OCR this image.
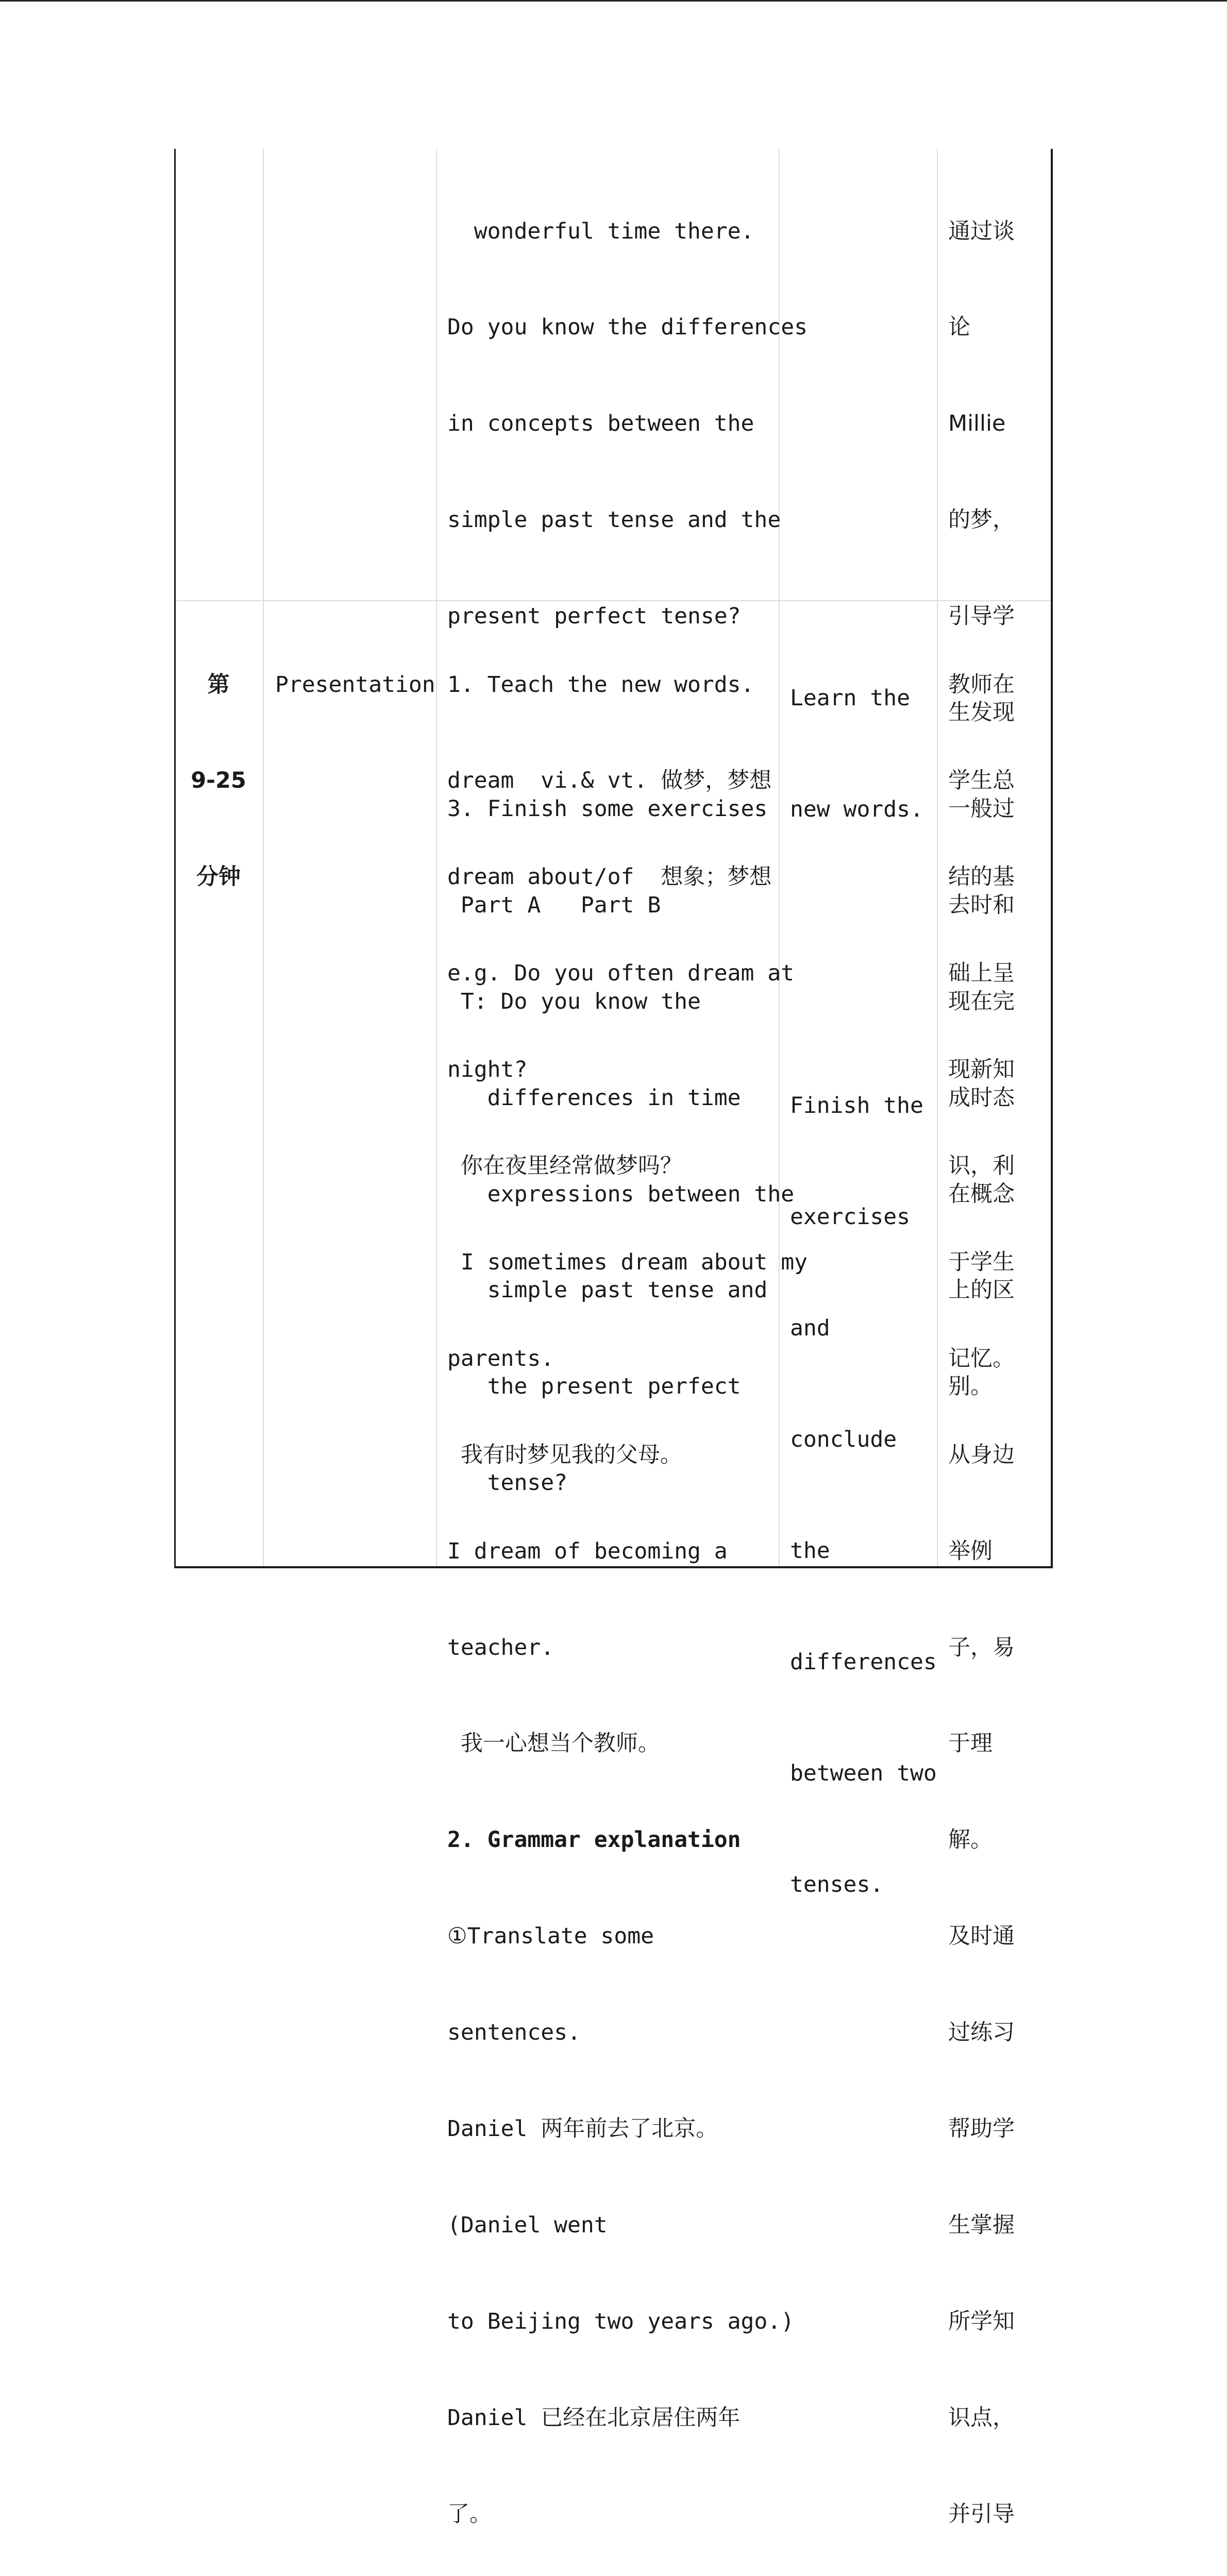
wonderful time there.

Do you know the differences

in concepts between the

simple past tense and the

present perfect tense?

3. Finish some exercises

Part A   Part B

T: Do you know the

differences in time

expressions between the

simple past tense and

the present perfect

tense?

通过谈

论

Millie

的梦，

引导学

生发现

一般过

去时和

现在完

成时态

在概念

上的区

别。

第

9-25

分钟

Presentation

1. Teach the new words.

dream  vi.& vt. 做梦，梦想

dream about/of  想象；梦想

e.g. Do you often dream at

night?

你在夜里经常做梦吗？

I sometimes dream about my

parents.

我有时梦见我的父母。

I dream of becoming a

teacher.

我一心想当个教师。

2. Grammar explanation

①Translate some

sentences.

Daniel 两年前去了北京。

(Daniel went

to Beijing two years ago.)

Daniel 已经在北京居住两年

了。

Learn the

new words.

Finish the

exercises

and

conclude

the

differences

between two

tenses.

教师在

学生总

结的基

础上呈

现新知

识，利

于学生

记忆。

从身边

举例

子，易

于理

解。

及时通

过练习

帮助学

生掌握

所学知

识点，

并引导
